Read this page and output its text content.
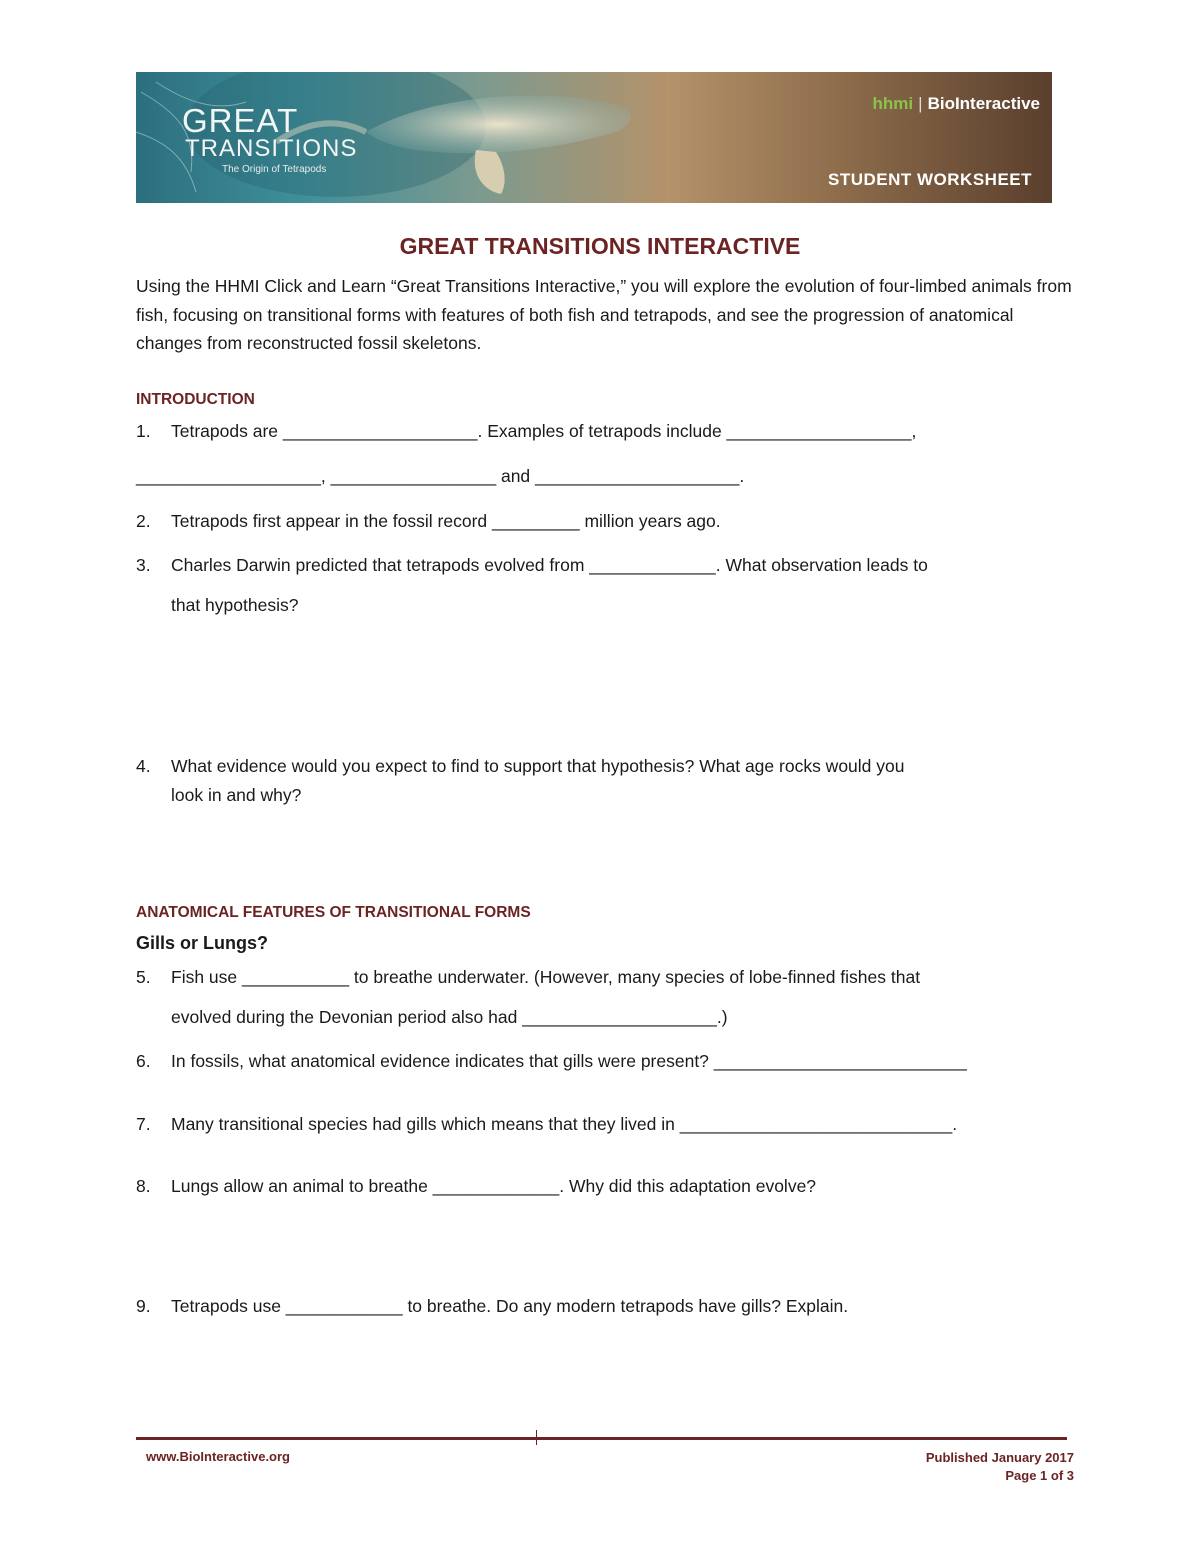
GREAT
TRANSITIONS
The Origin of Tetrapods
hhmi | BioInteractive
STUDENT WORKSHEET
GREAT TRANSITIONS INTERACTIVE
Using the HHMI Click and Learn “Great Transitions Interactive,” you will explore the evolution of four-limbed animals from fish, focusing on transitional forms with features of both fish and tetrapods, and see the progression of anatomical changes from reconstructed fossil skeletons.
INTRODUCTION
1. Tetrapods are ____________________. Examples of tetrapods include ___________________,
___________________, _________________ and _____________________.
2. Tetrapods first appear in the fossil record _________ million years ago.
3. Charles Darwin predicted that tetrapods evolved from _____________. What observation leads to
that hypothesis?
4. What evidence would you expect to find to support that hypothesis? What age rocks would you
look in and why?
ANATOMICAL FEATURES OF TRANSITIONAL FORMS
Gills or Lungs?
5. Fish use ___________ to breathe underwater. (However, many species of lobe-finned fishes that
evolved during the Devonian period also had ____________________.)
6. In fossils, what anatomical evidence indicates that gills were present? __________________________
7. Many transitional species had gills which means that they lived in ____________________________.
8. Lungs allow an animal to breathe _____________. Why did this adaptation evolve?
9. Tetrapods use ____________ to breathe. Do any modern tetrapods have gills? Explain.
www.BioInteractive.org	Published January 2017
Page 1 of 3
